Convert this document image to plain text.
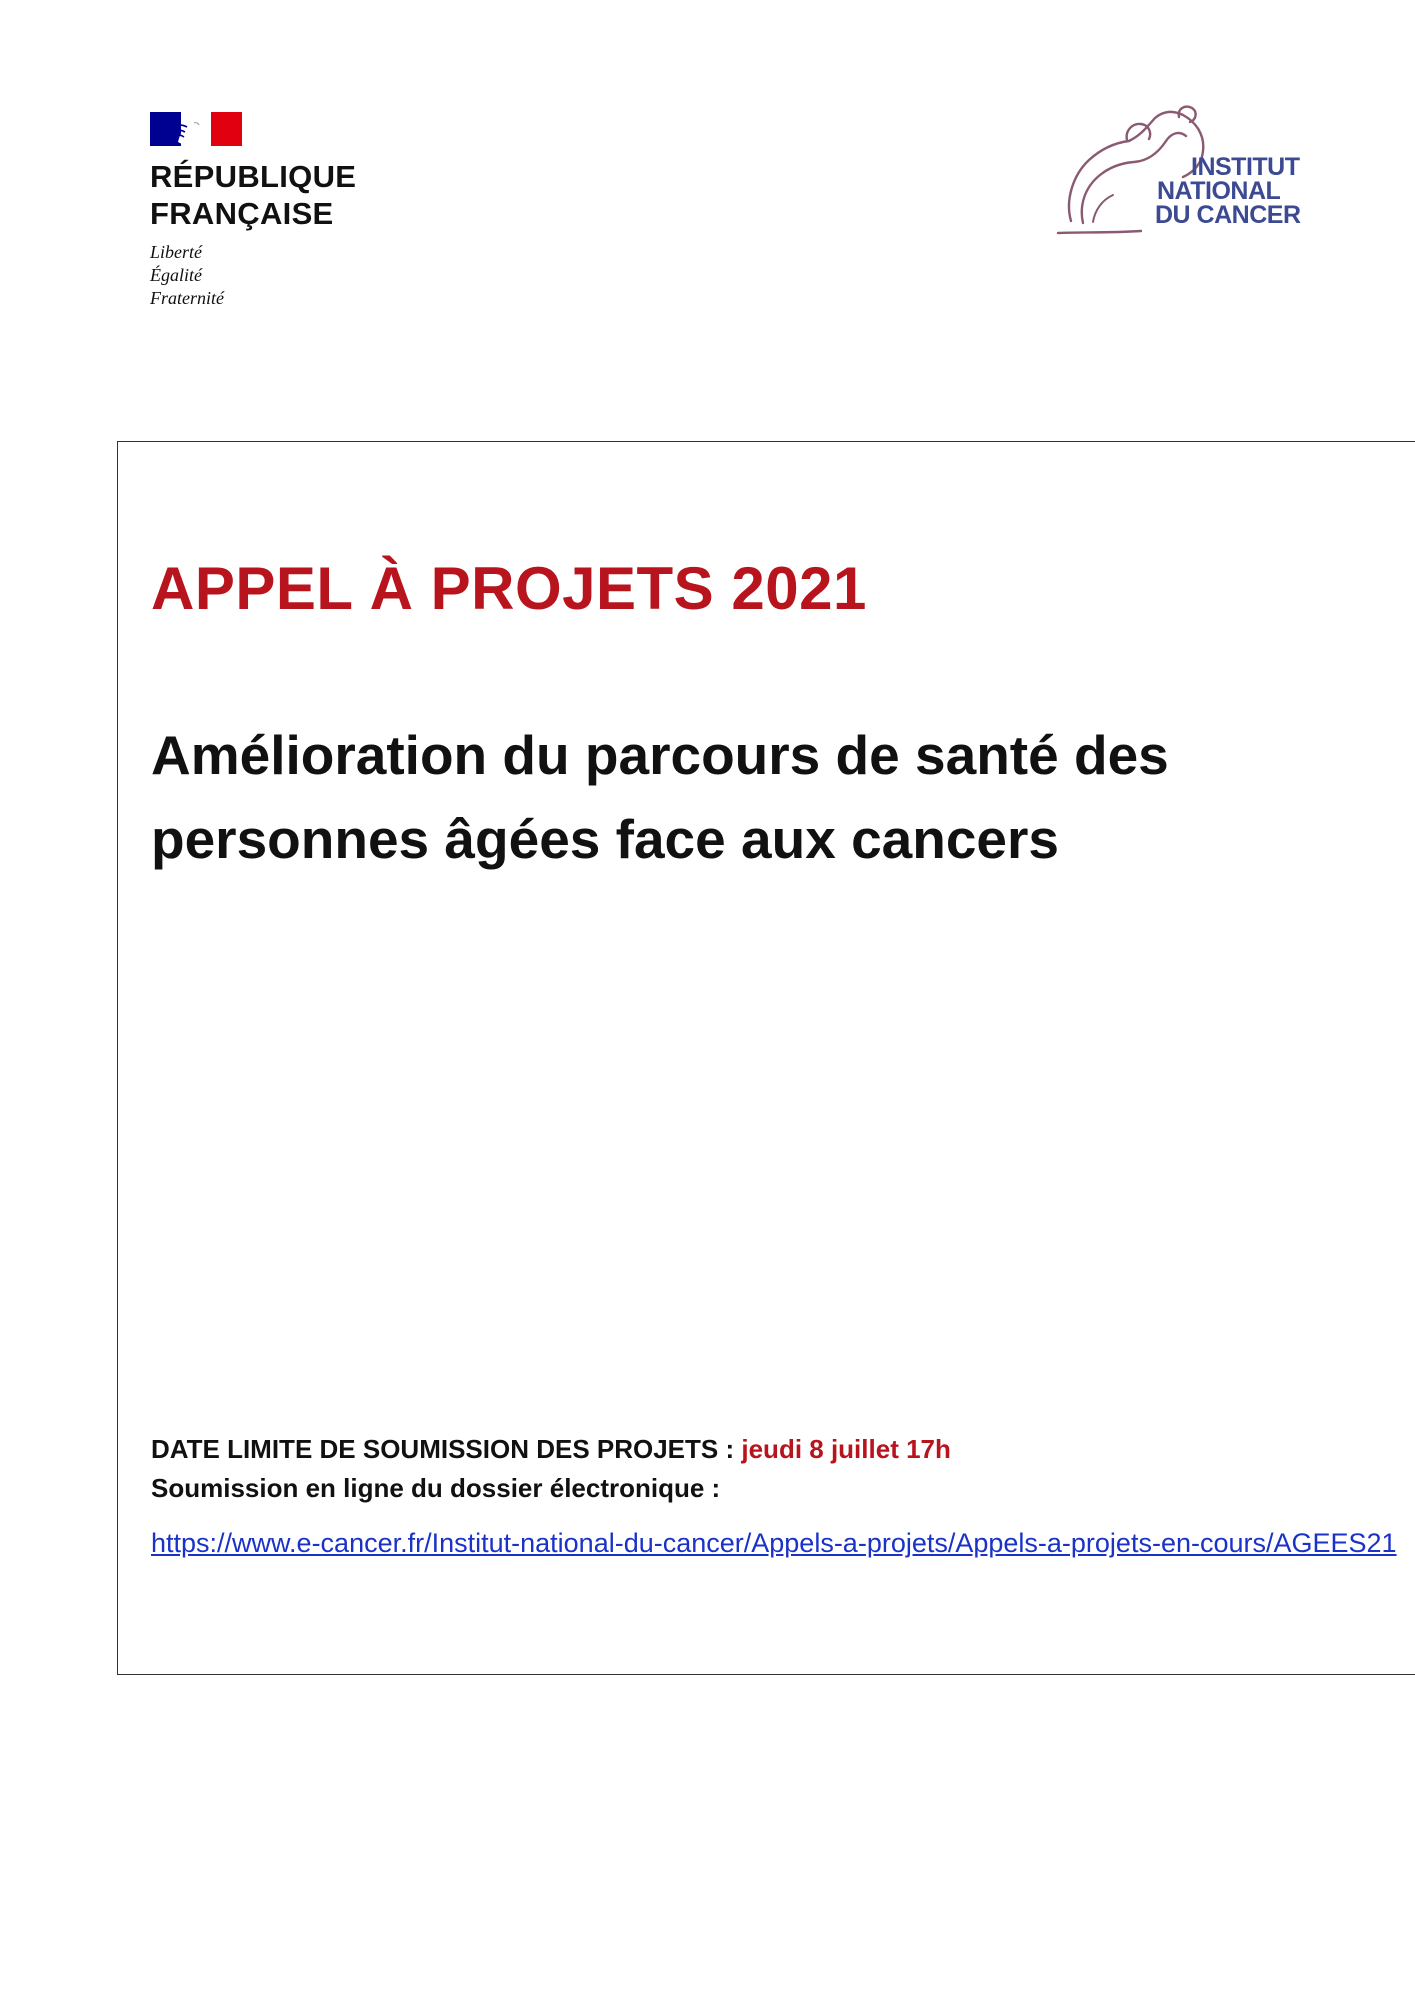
RÉPUBLIQUE
FRANÇAISE
Liberté
Égalité
Fraternité
INSTITUT
NATIONAL
DU CANCER
APPEL À PROJETS 2021
Amélioration du parcours de santé des
personnes âgées face aux cancers
DATE LIMITE DE SOUMISSION DES PROJETS : jeudi 8 juillet 17h
Soumission en ligne du dossier électronique :
https://www.e-cancer.fr/Institut-national-du-cancer/Appels-a-projets/Appels-a-projets-en-cours/AGEES21
